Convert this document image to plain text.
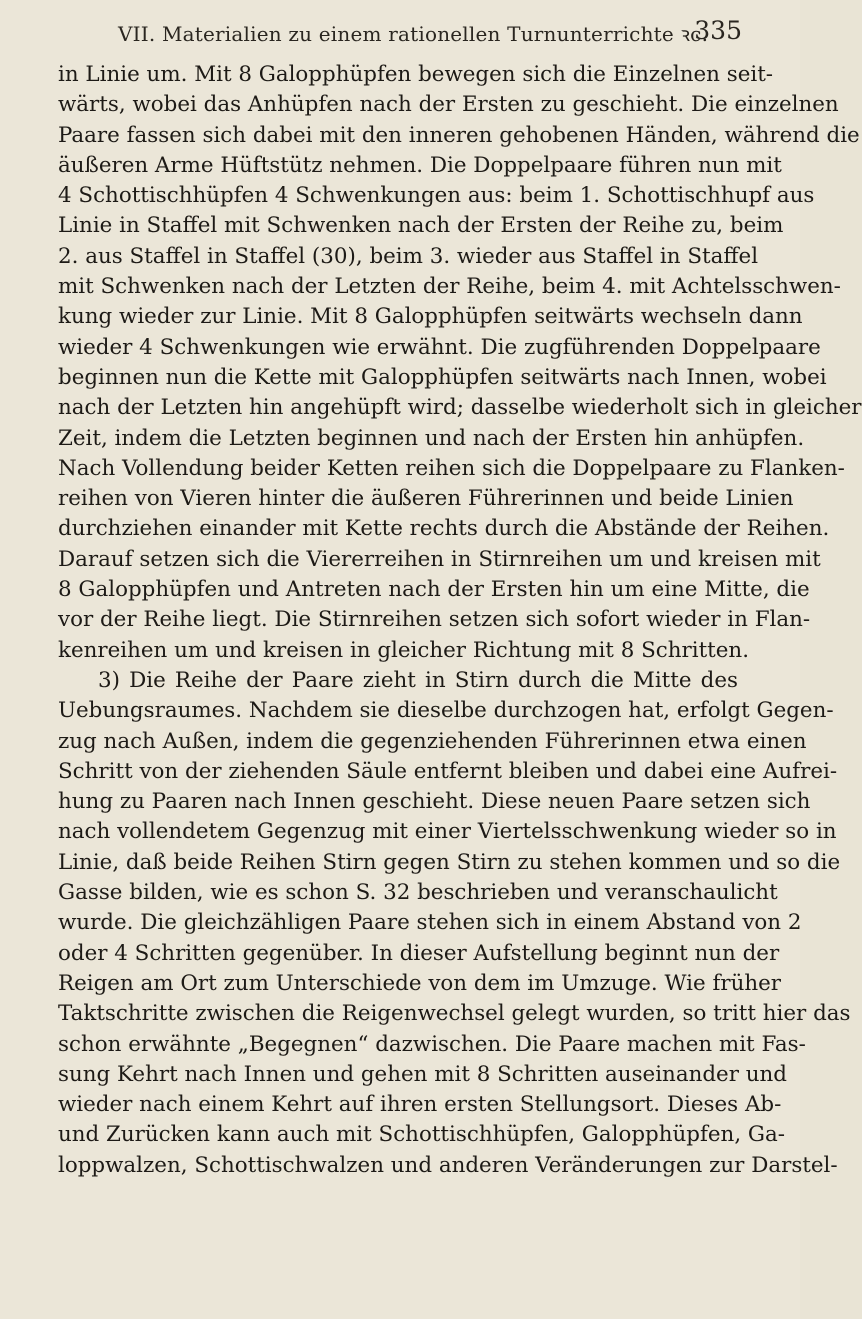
VII. Materialien zu einem rationellen Turnunterrichte ꝛc.
335
in Linie um. Mit 8 Galopphüpfen bewegen sich die Einzelnen seit-
wärts, wobei das Anhüpfen nach der Ersten zu geschieht. Die einzelnen
Paare fassen sich dabei mit den inneren gehobenen Händen, während die
äußeren Arme Hüftstütz nehmen. Die Doppelpaare führen nun mit
4 Schottischhüpfen 4 Schwenkungen aus: beim 1. Schottischhupf aus
Linie in Staffel mit Schwenken nach der Ersten der Reihe zu, beim
2. aus Staffel in Staffel (30), beim 3. wieder aus Staffel in Staffel
mit Schwenken nach der Letzten der Reihe, beim 4. mit Achtelsschwen-
kung wieder zur Linie. Mit 8 Galopphüpfen seitwärts wechseln dann
wieder 4 Schwenkungen wie erwähnt. Die zugführenden Doppelpaare
beginnen nun die Kette mit Galopphüpfen seitwärts nach Innen, wobei
nach der Letzten hin angehüpft wird; dasselbe wiederholt sich in gleicher
Zeit, indem die Letzten beginnen und nach der Ersten hin anhüpfen.
Nach Vollendung beider Ketten reihen sich die Doppelpaare zu Flanken-
reihen von Vieren hinter die äußeren Führerinnen und beide Linien
durchziehen einander mit Kette rechts durch die Abstände der Reihen.
Darauf setzen sich die Viererreihen in Stirnreihen um und kreisen mit
8 Galopphüpfen und Antreten nach der Ersten hin um eine Mitte, die
vor der Reihe liegt. Die Stirnreihen setzen sich sofort wieder in Flan-
kenreihen um und kreisen in gleicher Richtung mit 8 Schritten.
3) Die Reihe der Paare zieht in Stirn durch die Mitte des
Uebungsraumes. Nachdem sie dieselbe durchzogen hat, erfolgt Gegen-
zug nach Außen, indem die gegenziehenden Führerinnen etwa einen
Schritt von der ziehenden Säule entfernt bleiben und dabei eine Aufrei-
hung zu Paaren nach Innen geschieht. Diese neuen Paare setzen sich
nach vollendetem Gegenzug mit einer Viertelsschwenkung wieder so in
Linie, daß beide Reihen Stirn gegen Stirn zu stehen kommen und so die
Gasse bilden, wie es schon S. 32 beschrieben und veranschaulicht
wurde. Die gleichzähligen Paare stehen sich in einem Abstand von 2
oder 4 Schritten gegenüber. In dieser Aufstellung beginnt nun der
Reigen am Ort zum Unterschiede von dem im Umzuge. Wie früher
Taktschritte zwischen die Reigenwechsel gelegt wurden, so tritt hier das
schon erwähnte „Begegnen“ dazwischen. Die Paare machen mit Fas-
sung Kehrt nach Innen und gehen mit 8 Schritten auseinander und
wieder nach einem Kehrt auf ihren ersten Stellungsort. Dieses Ab-
und Zurücken kann auch mit Schottischhüpfen, Galopphüpfen, Ga-
loppwalzen, Schottischwalzen und anderen Veränderungen zur Darstel-
